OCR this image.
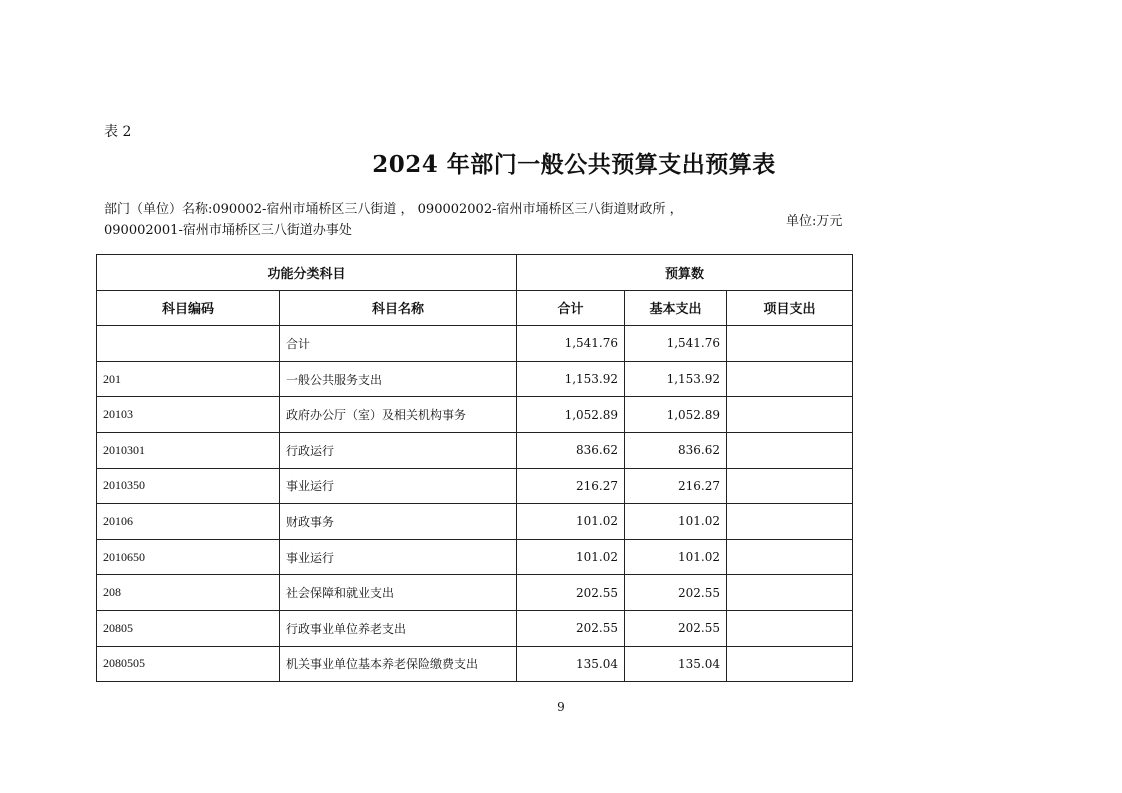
表 2
2024 年部门一般公共预算支出预算表
部门（单位）名称:090002-宿州市埇桥区三八街道 ， 090002002-宿州市埇桥区三八街道财政所 ，
090002001-宿州市埇桥区三八街道办事处
单位:万元
功能分类科目		预算数		
科目编码	科目名称	合计	基本支出	项目支出
	合计	1,541.76	1,541.76	
201	一般公共服务支出	1,153.92	1,153.92	
20103	政府办公厅（室）及相关机构事务	1,052.89	1,052.89	
2010301	行政运行	836.62	836.62	
2010350	事业运行	216.27	216.27	
20106	财政事务	101.02	101.02	
2010650	事业运行	101.02	101.02	
208	社会保障和就业支出	202.55	202.55	
20805	行政事业单位养老支出	202.55	202.55	
2080505	机关事业单位基本养老保险缴费支出	135.04	135.04	
9
